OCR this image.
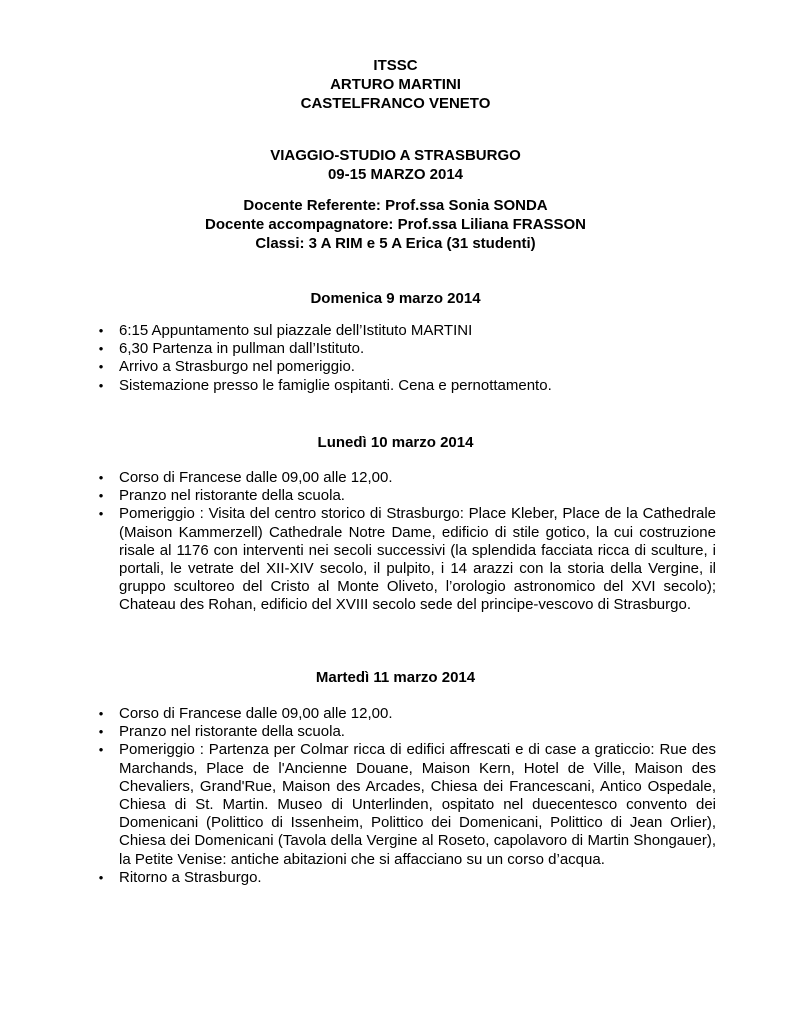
ITSSC
ARTURO MARTINI
CASTELFRANCO VENETO
VIAGGIO-STUDIO A STRASBURGO
09-15 MARZO 2014
Docente Referente: Prof.ssa Sonia SONDA
Docente accompagnatore: Prof.ssa Liliana FRASSON
Classi: 3 A RIM e 5 A Erica (31 studenti)
Domenica 9 marzo 2014
• 6:15 Appuntamento sul piazzale dell’Istituto MARTINI
• 6,30 Partenza in pullman dall’Istituto.
• Arrivo a Strasburgo nel pomeriggio.
• Sistemazione presso le famiglie ospitanti. Cena e pernottamento.
Lunedì 10 marzo 2014
• Corso di Francese dalle 09,00 alle 12,00.
• Pranzo nel ristorante della scuola.
• Pomeriggio : Visita del centro storico di Strasburgo: Place Kleber, Place de la Cathedrale (Maison Kammerzell) Cathedrale Notre Dame, edificio di stile gotico, la cui costruzione risale al 1176 con interventi nei secoli successivi (la splendida facciata ricca di sculture, i portali, le vetrate del XII-XIV secolo, il pulpito, i 14 arazzi con la storia della Vergine, il gruppo scultoreo del Cristo al Monte Oliveto, l’orologio astronomico del XVI secolo); Chateau des Rohan, edificio del XVIII secolo sede del principe-vescovo di Strasburgo.
Martedì 11 marzo 2014
• Corso di Francese dalle 09,00 alle 12,00.
• Pranzo nel ristorante della scuola.
• Pomeriggio : Partenza per Colmar ricca di edifici affrescati e di case a graticcio: Rue des Marchands, Place de l'Ancienne Douane, Maison Kern, Hotel de Ville, Maison des Chevaliers, Grand'Rue, Maison des Arcades, Chiesa dei Francescani, Antico Ospedale, Chiesa di St. Martin. Museo di Unterlinden, ospitato nel duecentesco convento dei Domenicani (Polittico di Issenheim, Polittico dei Domenicani, Polittico di Jean Orlier), Chiesa dei Domenicani (Tavola della Vergine al Roseto, capolavoro di Martin Shongauer), la Petite Venise: antiche abitazioni che si affacciano su un corso d’acqua.
• Ritorno a Strasburgo.
